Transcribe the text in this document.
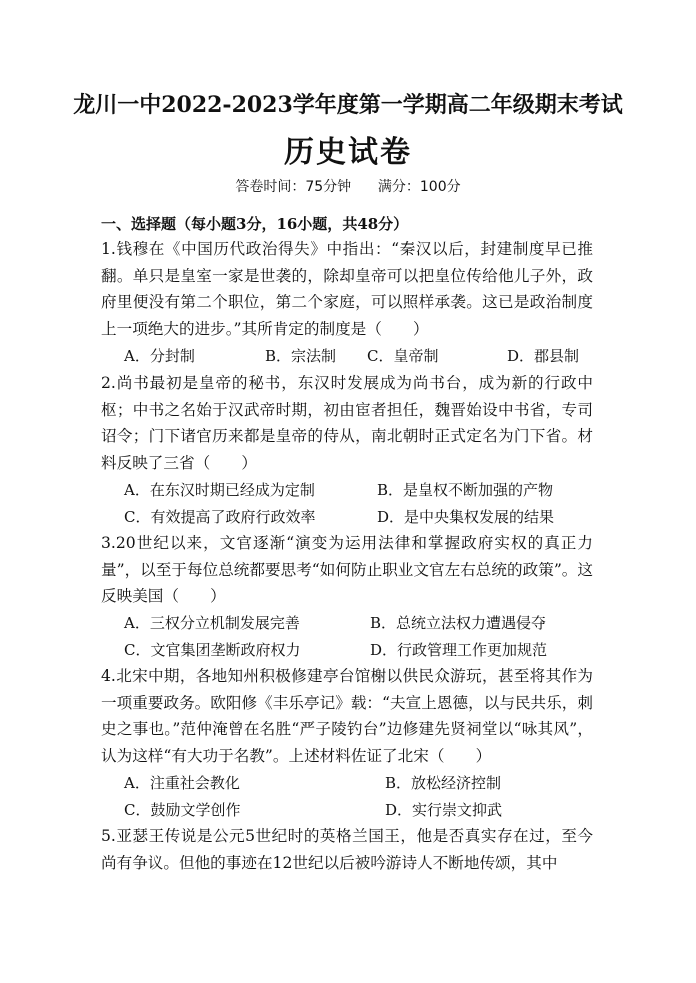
龙川一中2022-2023学年度第一学期高二年级期末考试
历史试卷
答卷时间：75分钟 满分：100分
一、选择题（每小题3分，16小题，共48分）
1.钱穆在《中国历代政治得失》中指出：“秦汉以后，封建制度早已推翻。单只是皇室一家是世袭的，除却皇帝可以把皇位传给他儿子外，政府里便没有第二个职位，第二个家庭，可以照样承袭。这已是政治制度上一项绝大的进步。”其所肯定的制度是（　　）
A．分封制	B．宗法制 C．皇帝制	D．郡县制
2.尚书最初是皇帝的秘书，东汉时发展成为尚书台，成为新的行政中枢；中书之名始于汉武帝时期，初由宦者担任，魏晋始设中书省，专司诏令；门下诸官历来都是皇帝的侍从，南北朝时正式定名为门下省。材料反映了三省（　　）
A．在东汉时期已经成为定制	B．是皇权不断加强的产物
C．有效提高了政府行政效率	D．是中央集权发展的结果
3.20世纪以来，文官逐渐“演变为运用法律和掌握政府实权的真正力量”，以至于每位总统都要思考“如何防止职业文官左右总统的政策”。这反映美国（　　）
A．三权分立机制发展完善	B．总统立法权力遭遇侵夺
C．文官集团垄断政府权力	D．行政管理工作更加规范
4.北宋中期，各地知州积极修建亭台馆榭以供民众游玩，甚至将其作为一项重要政务。欧阳修《丰乐亭记》载：“夫宣上恩德，以与民共乐，刺史之事也。”范仲淹曾在名胜“严子陵钓台”边修建先贤祠堂以“咏其风”，认为这样“有大功于名教”。上述材料佐证了北宋（　　）
A．注重社会教化	B．放松经济控制
C．鼓励文学创作	D．实行崇文抑武
5.亚瑟王传说是公元5世纪时的英格兰国王，他是否真实存在过，至今尚有争议。但他的事迹在12世纪以后被吟游诗人不断地传颂，其中
